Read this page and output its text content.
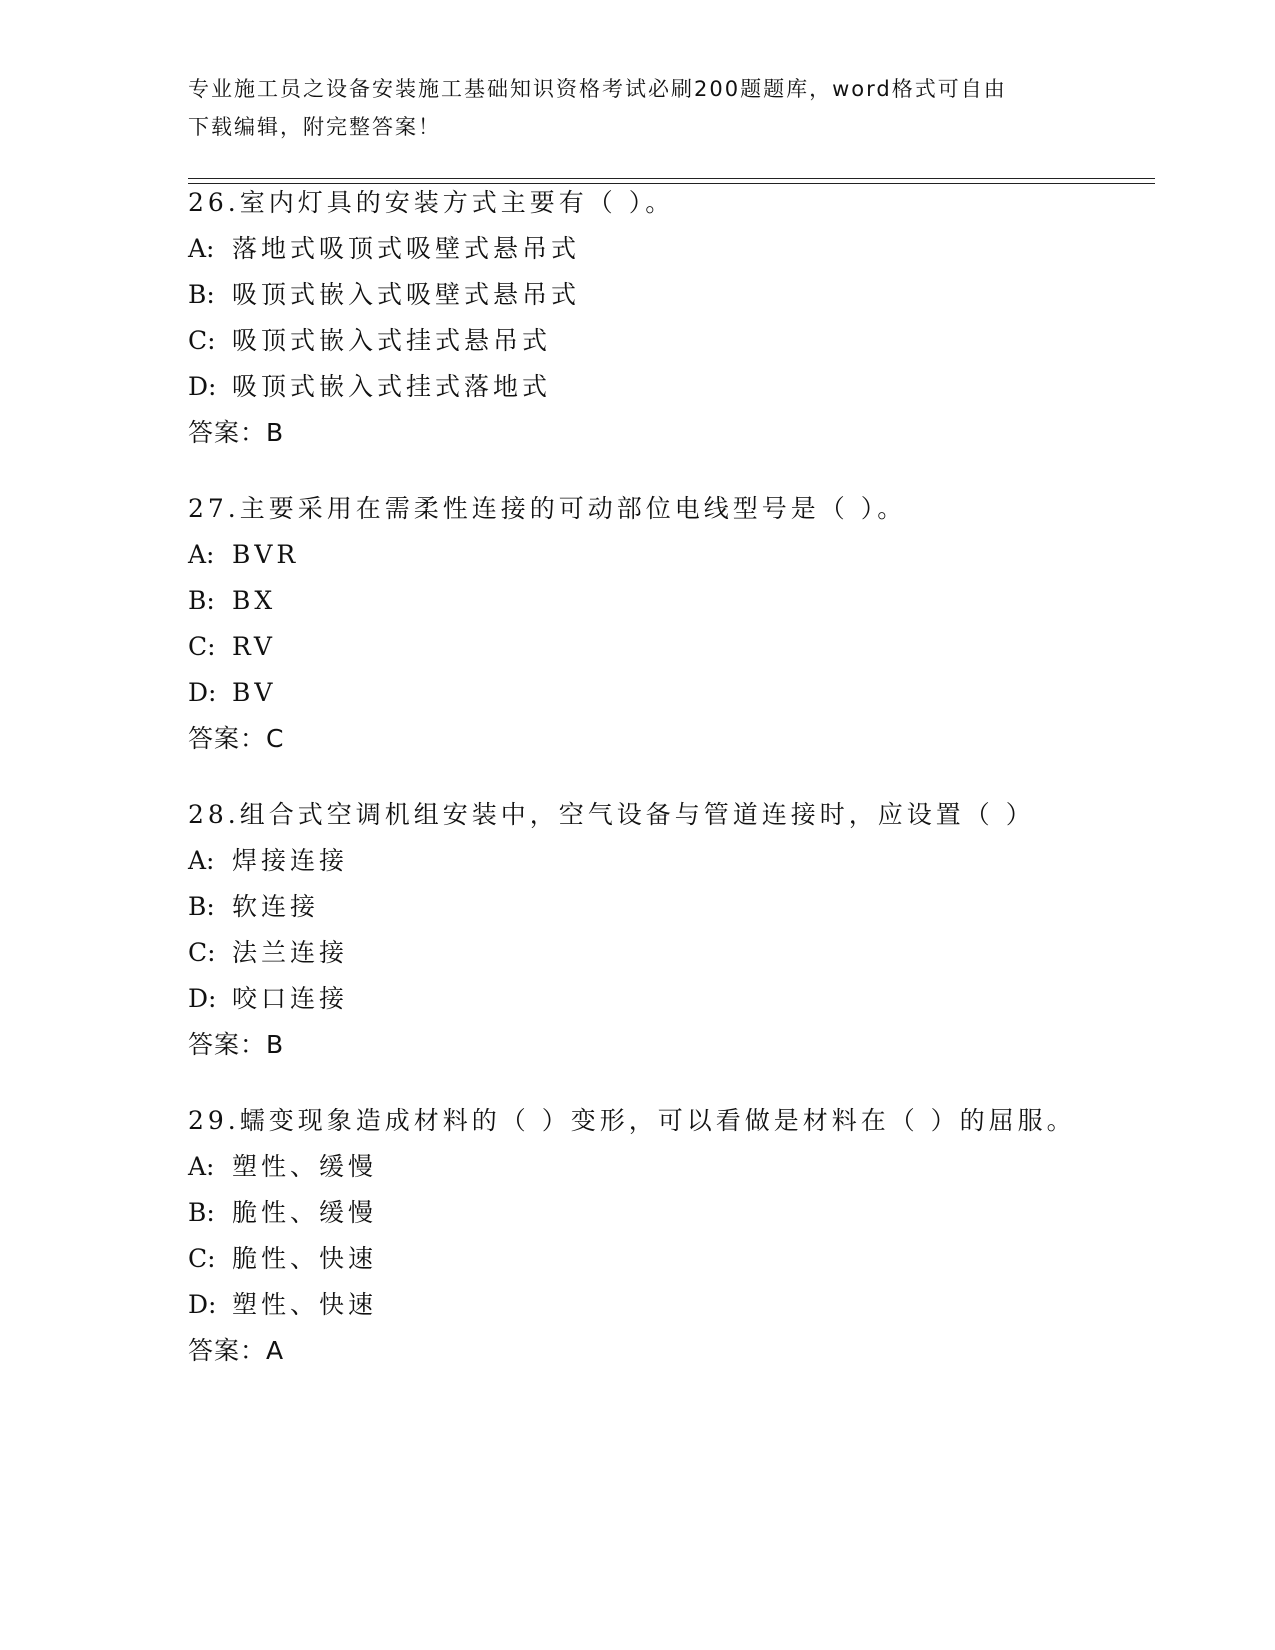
专业施工员之设备安装施工基础知识资格考试必刷200题题库，word格式可自由
下载编辑，附完整答案！
26.室内灯具的安装方式主要有（ ）。
A: 落地式吸顶式吸壁式悬吊式
B: 吸顶式嵌入式吸壁式悬吊式
C: 吸顶式嵌入式挂式悬吊式
D: 吸顶式嵌入式挂式落地式
答案：B
27.主要采用在需柔性连接的可动部位电线型号是（ ）。
A: BVR
B: BX
C: RV
D: BV
答案：C
28.组合式空调机组安装中，空气设备与管道连接时，应设置（ ）
A: 焊接连接
B: 软连接
C: 法兰连接
D: 咬口连接
答案：B
29.蠕变现象造成材料的（ ）变形，可以看做是材料在（ ）的屈服。
A: 塑性、缓慢
B: 脆性、缓慢
C: 脆性、快速
D: 塑性、快速
答案：A
